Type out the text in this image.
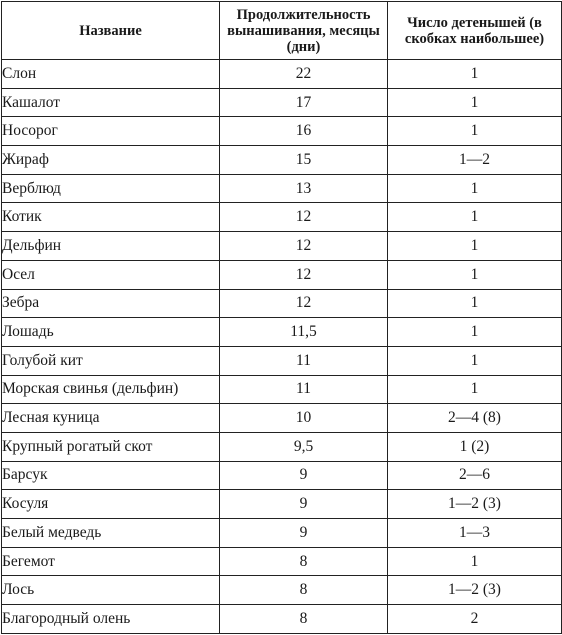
Название	Продолжительность вынашивания, месяцы (дни)	Число детенышей (в скобках наибольшее)
Слон	22	1
Кашалот	17	1
Носорог	16	1
Жираф	15	1—2
Верблюд	13	1
Котик	12	1
Дельфин	12	1
Осел	12	1
Зебра	12	1
Лошадь	11,5	1
Голубой кит	11	1
Морская свинья (дельфин)	11	1
Лесная куница	10	2—4 (8)
Крупный рогатый скот	9,5	1 (2)
Барсук	9	2—6
Косуля	9	1—2 (3)
Белый медведь	9	1—3
Бегемот	8	1
Лось	8	1—2 (3)
Благородный олень	8	2
